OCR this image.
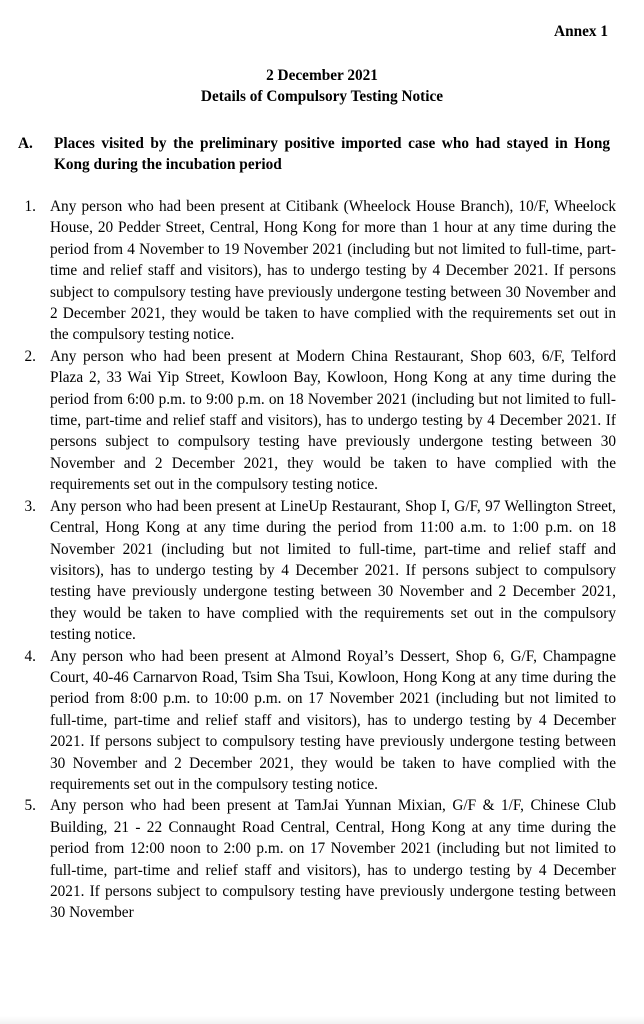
Annex 1
2 December 2021
Details of Compulsory Testing Notice
A. Places visited by the preliminary positive imported case who had stayed in Hong Kong during the incubation period
1. Any person who had been present at Citibank (Wheelock House Branch), 10/F, Wheelock House, 20 Pedder Street, Central, Hong Kong for more than 1 hour at any time during the period from 4 November to 19 November 2021 (including but not limited to full-time, part-time and relief staff and visitors), has to undergo testing by 4 December 2021. If persons subject to compulsory testing have previously undergone testing between 30 November and 2 December 2021, they would be taken to have complied with the requirements set out in the compulsory testing notice.
2. Any person who had been present at Modern China Restaurant, Shop 603, 6/F, Telford Plaza 2, 33 Wai Yip Street, Kowloon Bay, Kowloon, Hong Kong at any time during the period from 6:00 p.m. to 9:00 p.m. on 18 November 2021 (including but not limited to full-time, part-time and relief staff and visitors), has to undergo testing by 4 December 2021. If persons subject to compulsory testing have previously undergone testing between 30 November and 2 December 2021, they would be taken to have complied with the requirements set out in the compulsory testing notice.
3. Any person who had been present at LineUp Restaurant, Shop I, G/F, 97 Wellington Street, Central, Hong Kong at any time during the period from 11:00 a.m. to 1:00 p.m. on 18 November 2021 (including but not limited to full-time, part-time and relief staff and visitors), has to undergo testing by 4 December 2021. If persons subject to compulsory testing have previously undergone testing between 30 November and 2 December 2021, they would be taken to have complied with the requirements set out in the compulsory testing notice.
4. Any person who had been present at Almond Royal’s Dessert, Shop 6, G/F, Champagne Court, 40-46 Carnarvon Road, Tsim Sha Tsui, Kowloon, Hong Kong at any time during the period from 8:00 p.m. to 10:00 p.m. on 17 November 2021 (including but not limited to full-time, part-time and relief staff and visitors), has to undergo testing by 4 December 2021. If persons subject to compulsory testing have previously undergone testing between 30 November and 2 December 2021, they would be taken to have complied with the requirements set out in the compulsory testing notice.
5. Any person who had been present at TamJai Yunnan Mixian, G/F & 1/F, Chinese Club Building, 21 - 22 Connaught Road Central, Central, Hong Kong at any time during the period from 12:00 noon to 2:00 p.m. on 17 November 2021 (including but not limited to full-time, part-time and relief staff and visitors), has to undergo testing by 4 December 2021. If persons subject to compulsory testing have previously undergone testing between 30 November
